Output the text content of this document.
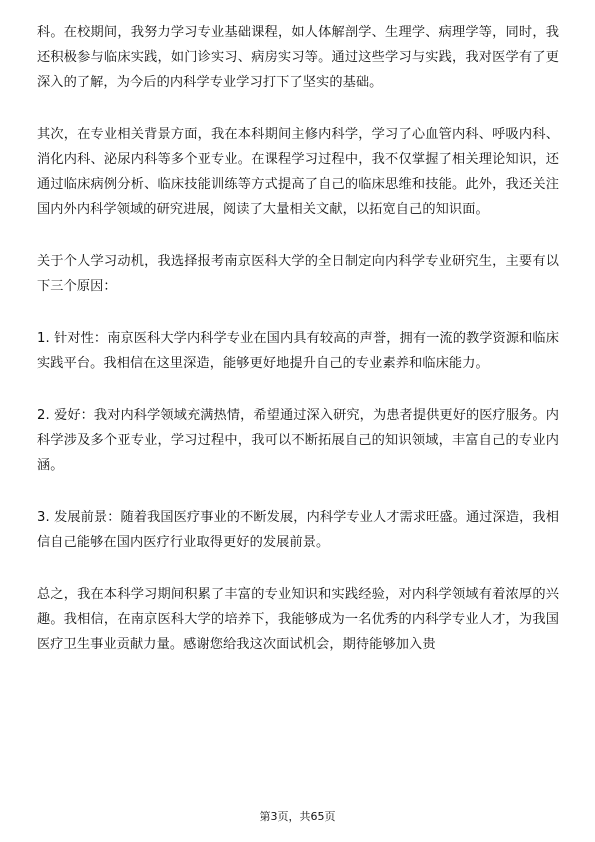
科。在校期间，我努力学习专业基础课程，如人体解剖学、生理学、病理学等，同时，我还积极参与临床实践，如门诊实习、病房实习等。通过这些学习与实践，我对医学有了更深入的了解，为今后的内科学专业学习打下了坚实的基础。

其次，在专业相关背景方面，我在本科期间主修内科学，学习了心血管内科、呼吸内科、消化内科、泌尿内科等多个亚专业。在课程学习过程中，我不仅掌握了相关理论知识，还通过临床病例分析、临床技能训练等方式提高了自己的临床思维和技能。此外，我还关注国内外内科学领域的研究进展，阅读了大量相关文献，以拓宽自己的知识面。

关于个人学习动机，我选择报考南京医科大学的全日制定向内科学专业研究生，主要有以下三个原因：

1. 针对性：南京医科大学内科学专业在国内具有较高的声誉，拥有一流的教学资源和临床实践平台。我相信在这里深造，能够更好地提升自己的专业素养和临床能力。

2. 爱好：我对内科学领域充满热情，希望通过深入研究，为患者提供更好的医疗服务。内科学涉及多个亚专业，学习过程中，我可以不断拓展自己的知识领域，丰富自己的专业内涵。

3. 发展前景：随着我国医疗事业的不断发展，内科学专业人才需求旺盛。通过深造，我相信自己能够在国内医疗行业取得更好的发展前景。

总之，我在本科学习期间积累了丰富的专业知识和实践经验，对内科学领域有着浓厚的兴趣。我相信，在南京医科大学的培养下，我能够成为一名优秀的内科学专业人才，为我国医疗卫生事业贡献力量。感谢您给我这次面试机会，期待能够加入贵

第3页，共65页
